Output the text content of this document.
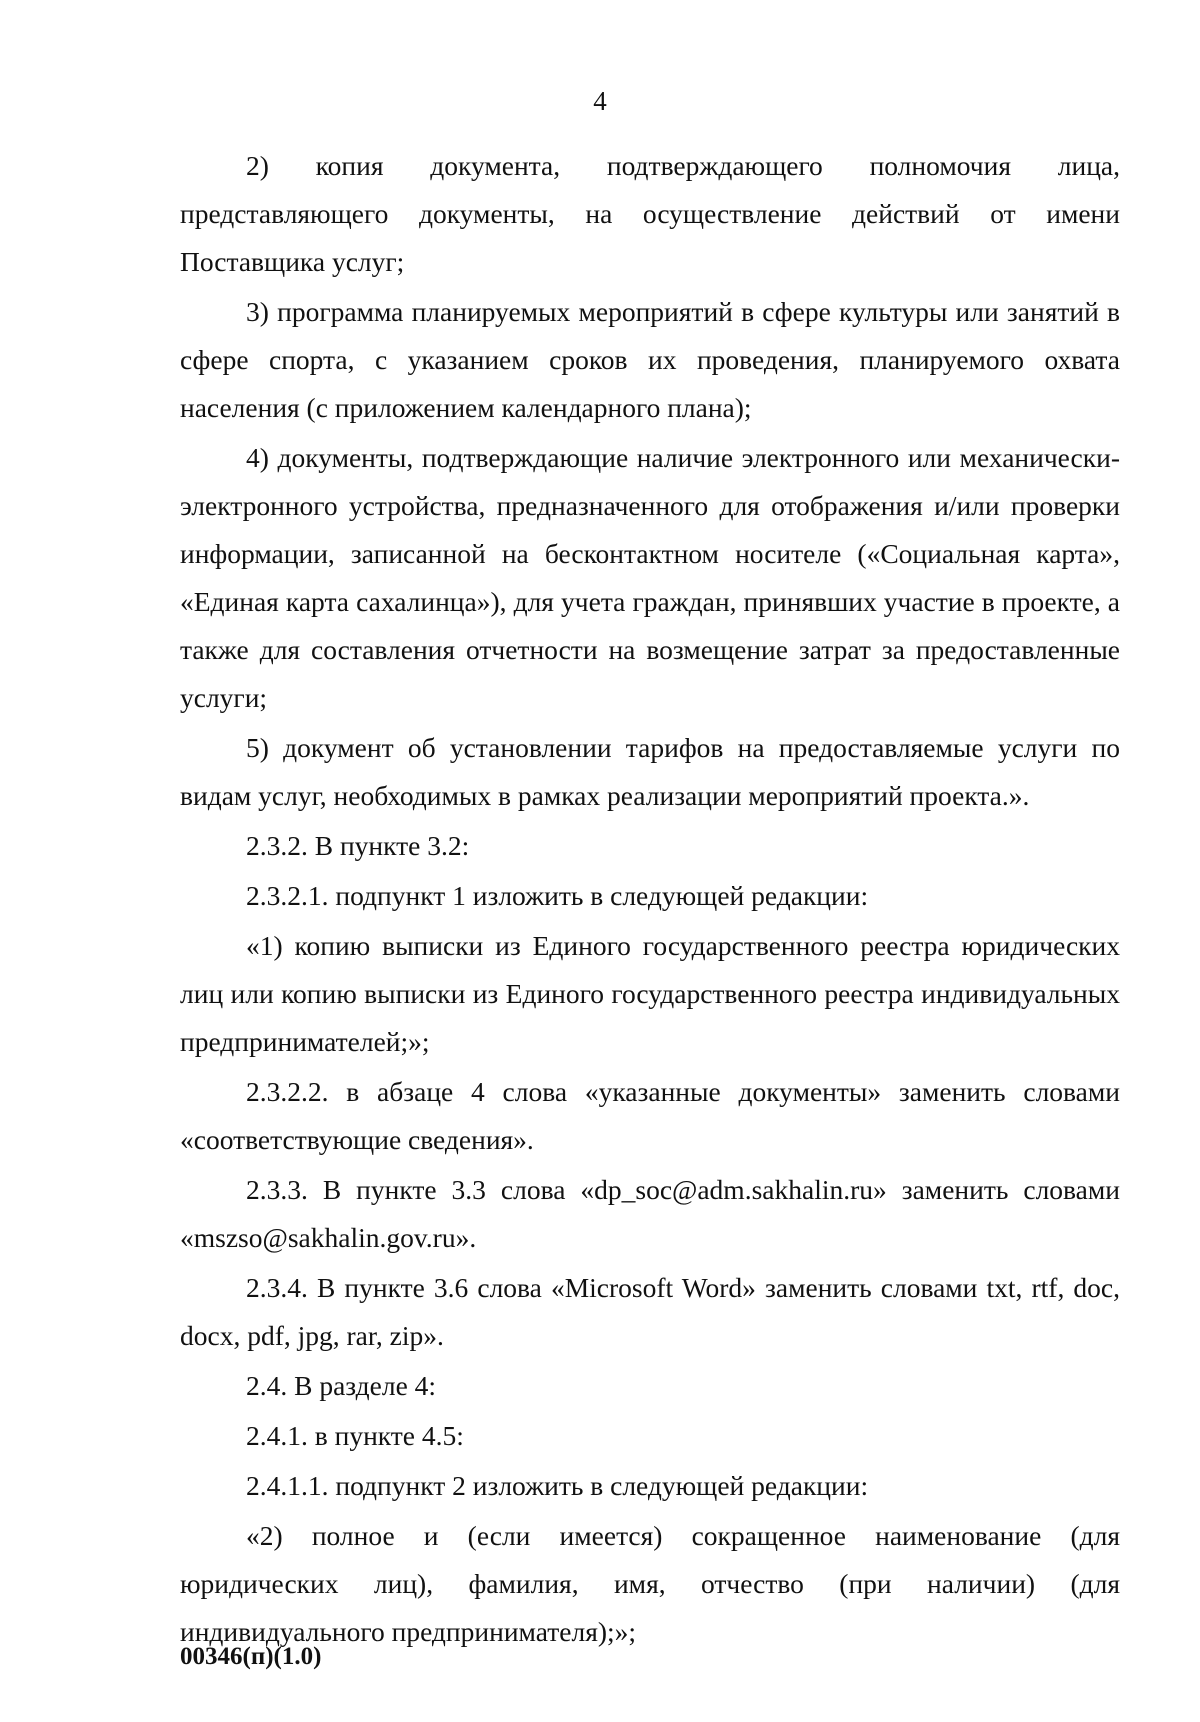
4

2) копия документа, подтверждающего полномочия лица, представляющего документы, на осуществление действий от имени Поставщика услуг;

3) программа планируемых мероприятий в сфере культуры или занятий в сфере спорта, с указанием сроков их проведения, планируемого охвата населения (с приложением календарного плана);

4) документы, подтверждающие наличие электронного или механически-электронного устройства, предназначенного для отображения и/или проверки информации, записанной на бесконтактном носителе («Социальная карта», «Единая карта сахалинца»), для учета граждан, принявших участие в проекте, а также для составления отчетности на возмещение затрат за предоставленные услуги;

5) документ об установлении тарифов на предоставляемые услуги по видам услуг, необходимых в рамках реализации мероприятий проекта.».

2.3.2. В пункте 3.2:

2.3.2.1. подпункт 1 изложить в следующей редакции:

«1) копию выписки из Единого государственного реестра юридических лиц или копию выписки из Единого государственного реестра индивидуальных предпринимателей;»;

2.3.2.2. в абзаце 4 слова «указанные документы» заменить словами «соответствующие сведения».

2.3.3. В пункте 3.3 слова «dp_soc@adm.sakhalin.ru» заменить словами «mszso@sakhalin.gov.ru».

2.3.4. В пункте 3.6 слова «Microsoft Word» заменить словами txt, rtf, doc, docx, pdf, jpg, rar, zip».

2.4. В разделе 4:

2.4.1. в пункте 4.5:

2.4.1.1. подпункт 2 изложить в следующей редакции:

«2) полное и (если имеется) сокращенное наименование (для юридических лиц), фамилия, имя, отчество (при наличии) (для индивидуального предпринимателя);»;

00346(п)(1.0)
